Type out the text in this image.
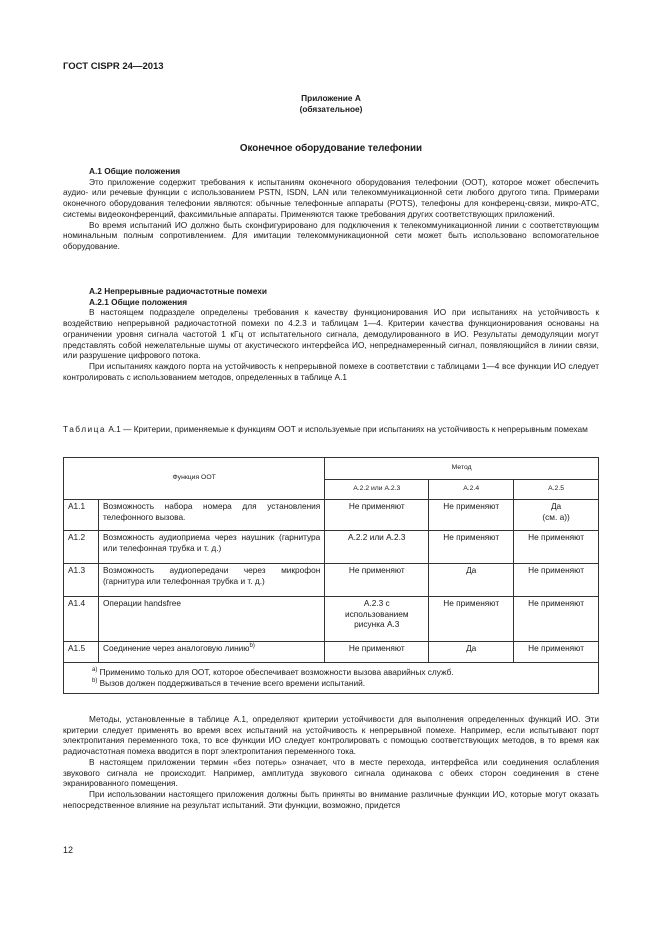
ГОСТ CISPR 24—2013
Приложение А
(обязательное)
Оконечное оборудование телефонии
А.1 Общие положения

Это приложение содержит требования к испытаниям оконечного оборудования телефонии (ООТ), которое может обеспечить аудио- или речевые функции с использованием PSTN, ISDN, LAN или телекоммуникационной сети любого другого типа. Примерами оконечного оборудования телефонии являются: обычные телефонные аппараты (POTS), телефоны для конференц-связи, микро-АТС, системы видеоконференций, факсимильные аппараты. Применяются также требования других соответствующих приложений.

Во время испытаний ИО должно быть сконфигурировано для подключения к телекоммуникационной линии с соответствующим номинальным полным сопротивлением. Для имитации телекоммуникационной сети может быть использовано вспомогательное оборудование.

А.2 Непрерывные радиочастотные помехи
А.2.1 Общие положения

В настоящем подразделе определены требования к качеству функционирования ИО при испытаниях на устойчивость к воздействию непрерывной радиочастотной помехи по 4.2.3 и таблицам 1—4. Критерии качества функционирования основаны на ограничении уровня сигнала частотой 1 кГц от испытательного сигнала, демодулированного в ИО. Результаты демодуляции могут представлять собой нежелательные шумы от акустического интерфейса ИО, непреднамеренный сигнал, появляющийся в линии связи, или разрушение цифрового потока.

При испытаниях каждого порта на устойчивость к непрерывной помехе в соответствии с таблицами 1—4 все функции ИО следует контролировать с использованием методов, определенных в таблице А.1

Таблица А.1 — Критерии, применяемые к функциям ООТ и используемые при испытаниях на устойчивость к непрерывным помехам
Функция ООТ		Метод		
		А.2.2 или А.2.3	А.2.4	А.2.5
А1.1	Возможность набора номера для установления телефонного вызова.	Не применяют	Не применяют	Да
(см. а))

А1.2	Возможность аудиоприема через наушник (гарнитура или телефонная трубка и т. д.)	А.2.2 или А.2.3	Не применяют	Не применяют
А1.3	Возможность аудиопередачи через микрофон (гарнитура или телефонная трубка и т. д.)	Не применяют	Да	Не применяют
А1.4	Операции handsfree	А.2.3 с использованием рисунка А.3	Не применяют	Не применяют
А1.5	Соединение через аналоговую линию$^{b)}$	Не применяют	Да	Не применяют

$^{а)}$ Применимо только для ООТ, которое обеспечивает возможности вызова аварийных служб.
$^{b)}$ Вызов должен поддерживаться в течение всего времени испытаний.				

Методы, установленные в таблице А.1, определяют критерии устойчивости для выполнения определенных функций ИО. Эти критерии следует применять во время всех испытаний на устойчивость к непрерывной помехе. Например, если испытывают порт электропитания переменного тока, то все функции ИО следует контролировать с помощью соответствующих методов, в то время как радиочастотная помеха вводится в порт электропитания переменного тока.

В настоящем приложении термин «без потерь» означает, что в месте перехода, интерфейса или соединения ослабления звукового сигнала не происходит. Например, амплитуда звукового сигнала одинакова с обеих сторон соединения в стене экранированного помещения.

При использовании настоящего приложения должны быть приняты во внимание различные функции ИО, которые могут оказать непосредственное влияние на результат испытаний. Эти функции, возможно, придется

12
